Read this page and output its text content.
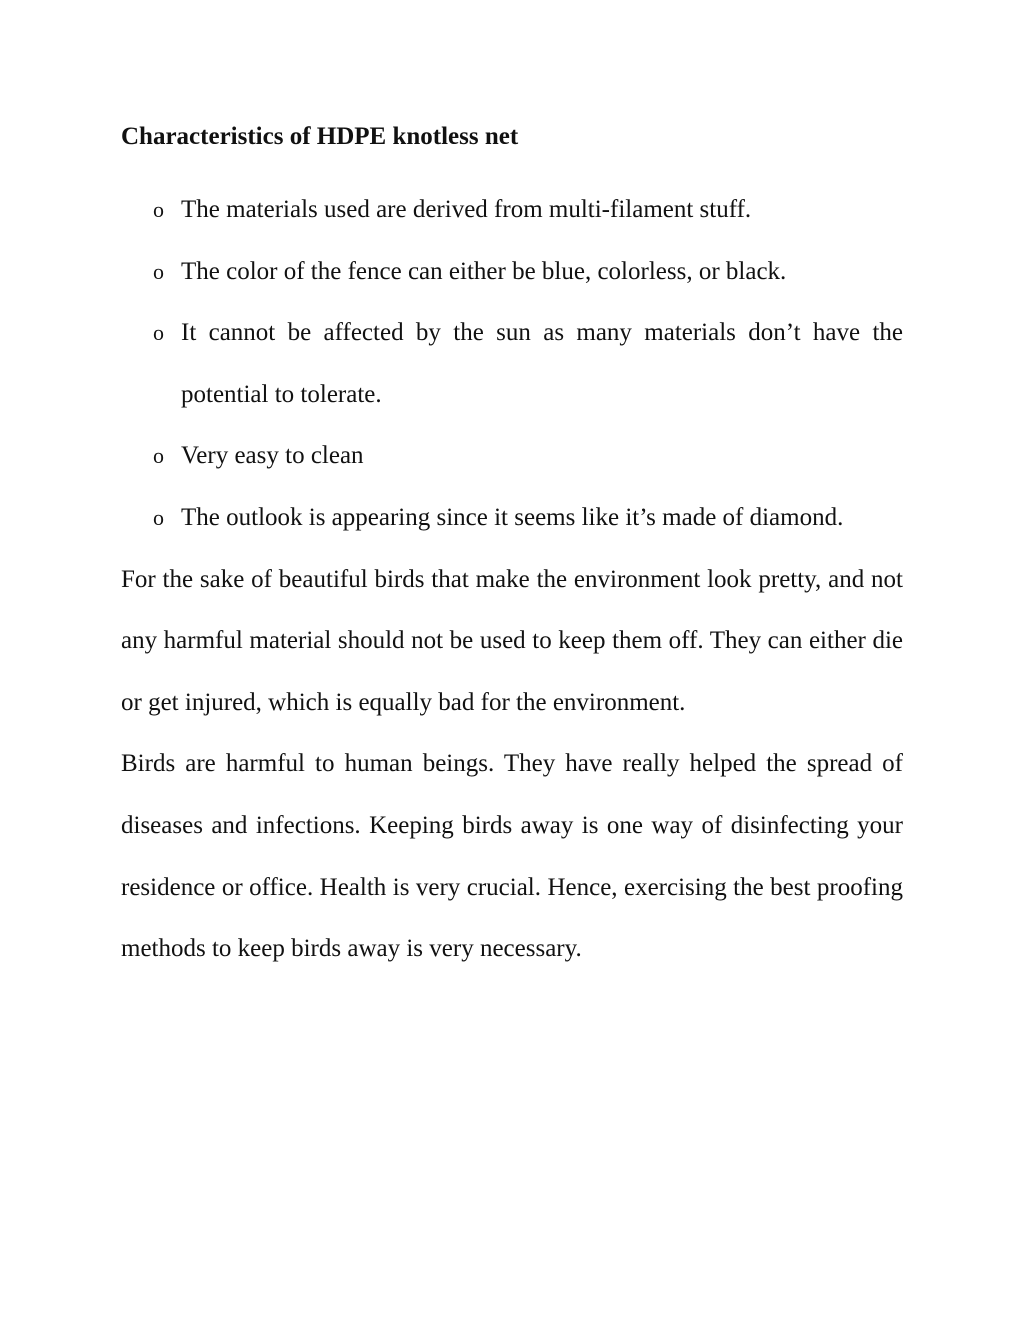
Characteristics of HDPE knotless net
o The materials used are derived from multi-filament stuff.
o The color of the fence can either be blue, colorless, or black.
o It cannot be affected by the sun as many materials don’t have the potential to tolerate.
o Very easy to clean
o The outlook is appearing since it seems like it’s made of diamond.

For the sake of beautiful birds that make the environment look pretty, and not any harmful material should not be used to keep them off. They can either die or get injured, which is equally bad for the environment.

Birds are harmful to human beings. They have really helped the spread of diseases and infections. Keeping birds away is one way of disinfecting your residence or office. Health is very crucial. Hence, exercising the best proofing methods to keep birds away is very necessary.
